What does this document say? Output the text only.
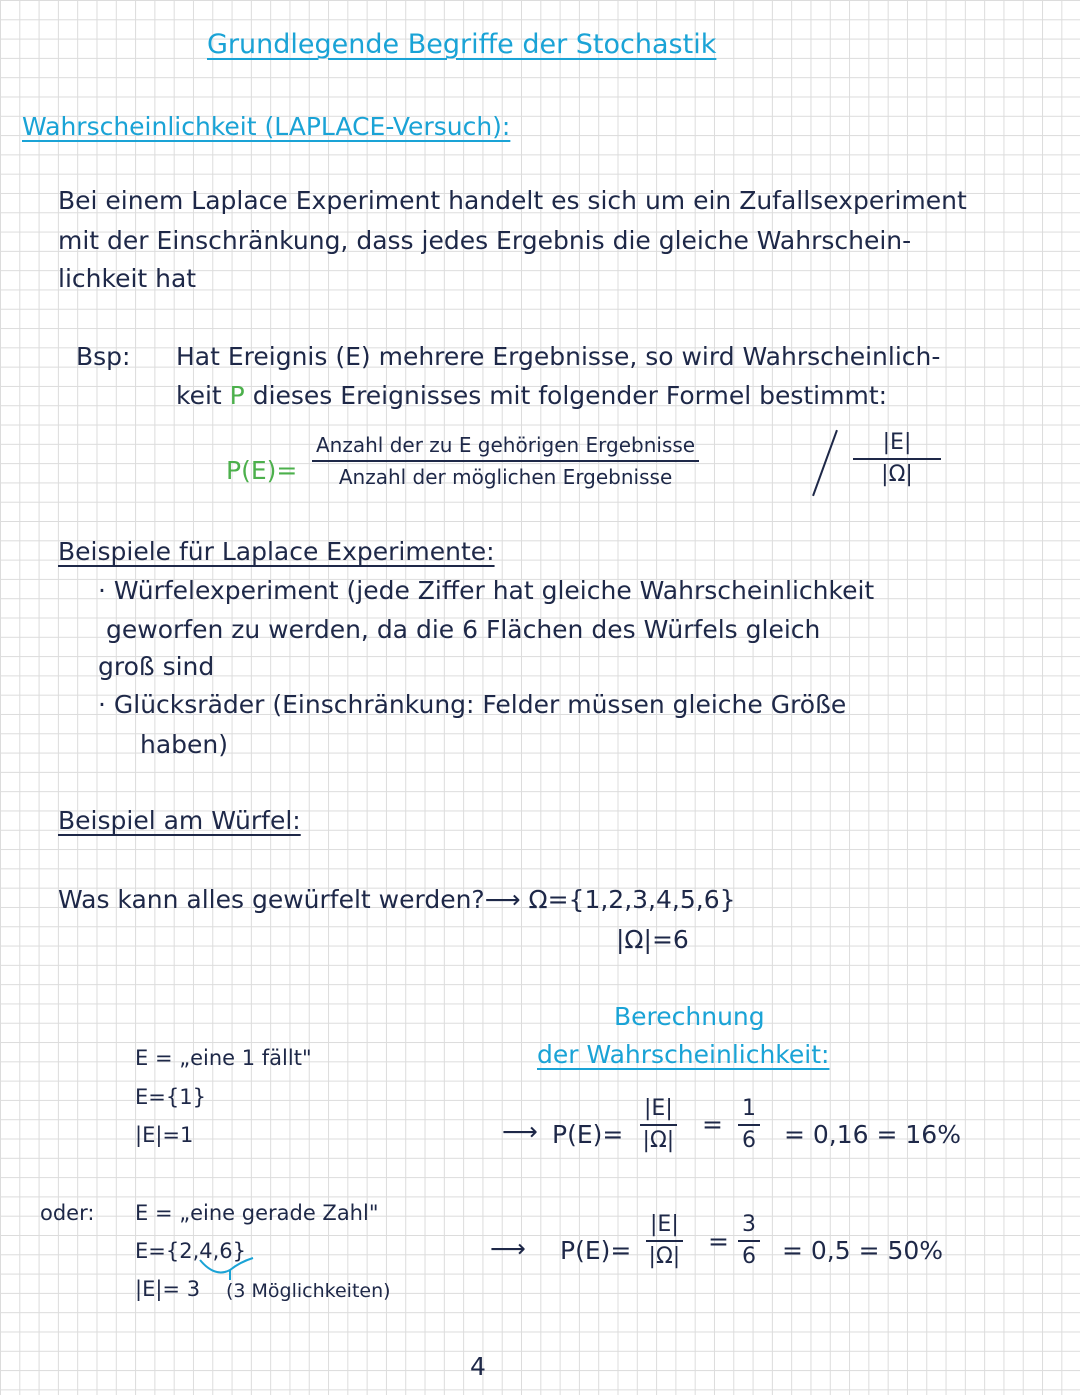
Grundlegende Begriffe der Stochastik
Wahrscheinlichkeit (LAPLACE-Versuch):
Bei einem Laplace Experiment handelt es sich um ein Zufallsexperiment
mit der Einschränkung, dass jedes Ergebnis die gleiche Wahrschein-
lichkeit hat
Bsp: Hat Ereignis (E) mehrere Ergebnisse, so wird Wahrscheinlich-
keit P dieses Ereignisses mit folgender Formel bestimmt:
P(E)=
Anzahl der zu E gehörigen Ergebnisse
Anzahl der möglichen Ergebnisse	$\frac{|E|}{|\Omega|}$
Beispiele für Laplace Experimente:
· Würfelexperiment (jede Ziffer hat gleiche Wahrscheinlichkeit
geworfen zu werden, da die 6 Flächen des Würfels gleich
groß sind
· Glücksräder (Einschränkung: Felder müssen gleiche Größe
haben)
Beispiel am Würfel:
Was kann alles gewürfelt werden?⟶ Ω={1,2,3,4,5,6}
|Ω|=6
Berechnung
der Wahrscheinlichkeit:
E = „eine 1 fällt"
E={1}
|E|=1	⟶ $P(E)= \frac{|E|}{|\Omega|} = \frac{1}{6} = 0,16 = 16\%$
oder: E = „eine gerade Zahl"
E={2,4,6}
|E|= 3 (3 Möglichkeiten)
⟶ $P(E)= \frac{|E|}{|\Omega|} = \frac{3}{6} = 0,5 = 50\%$
4
